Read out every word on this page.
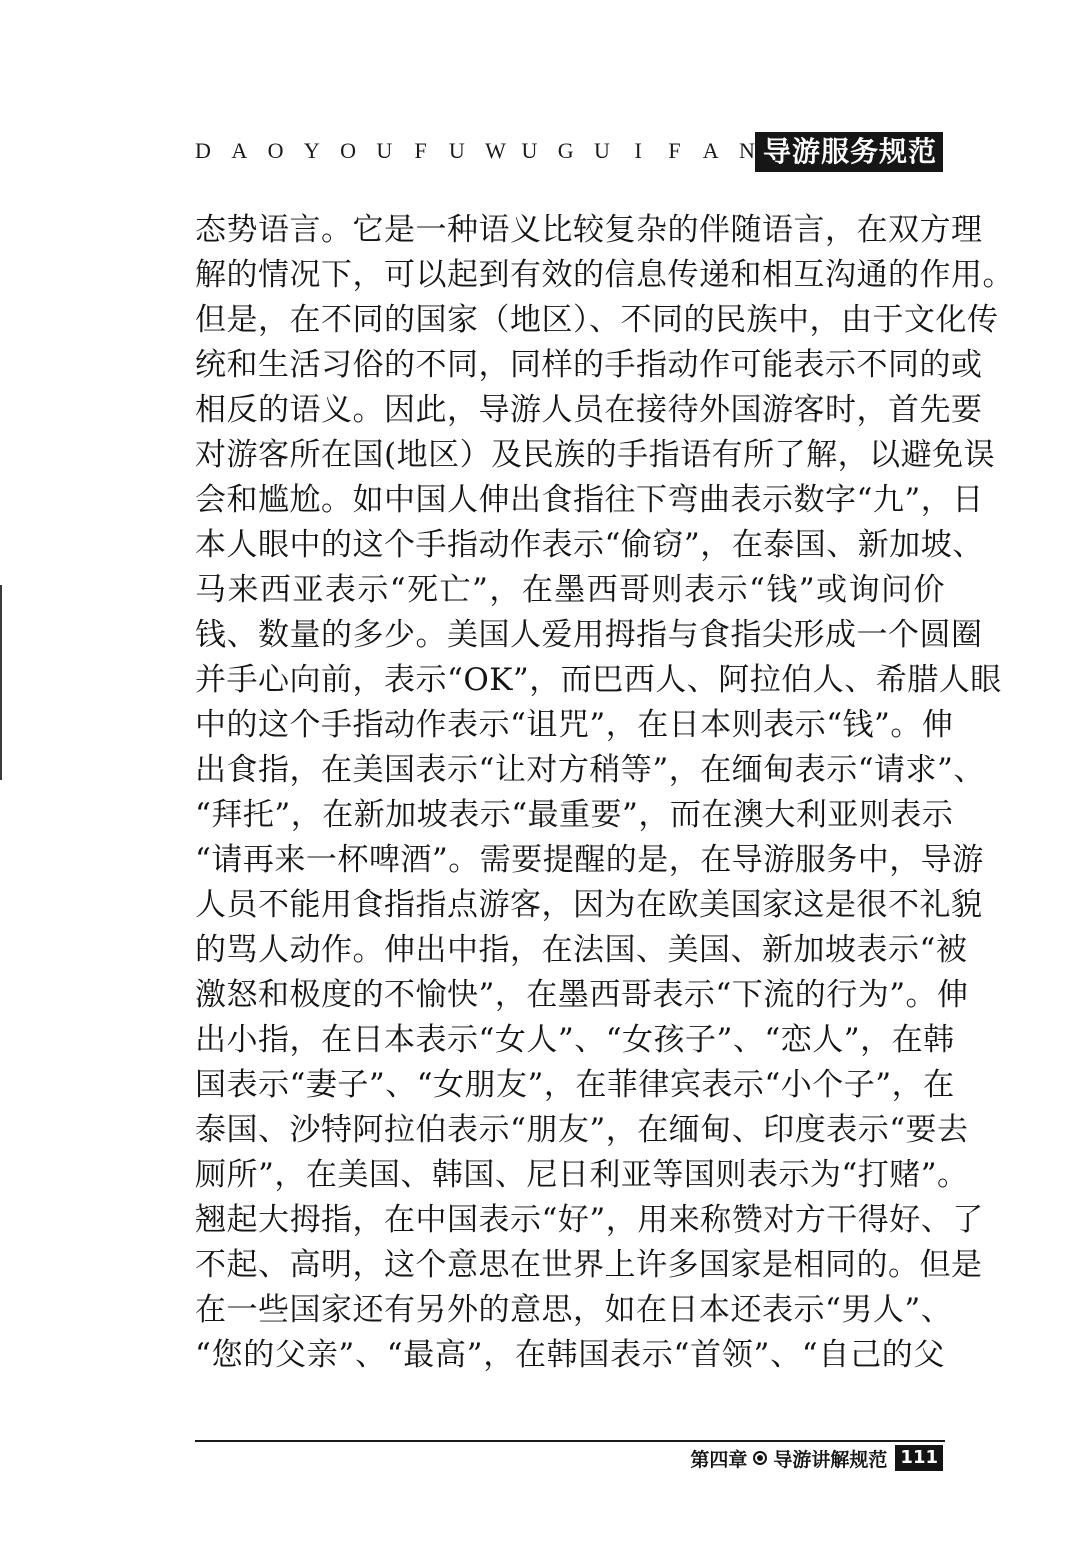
D A O Y O U F U W U G U I F A N 导游服务规范
态势语言。它是一种语义比较复杂的伴随语言，在双方理
解的情况下，可以起到有效的信息传递和相互沟通的作用。
但是，在不同的国家（地区）、不同的民族中，由于文化传
统和生活习俗的不同，同样的手指动作可能表示不同的或
相反的语义。因此，导游人员在接待外国游客时，首先要
对游客所在国(地区）及民族的手指语有所了解，以避免误
会和尴尬。如中国人伸出食指往下弯曲表示数字“九”，日
本人眼中的这个手指动作表示“偷窃”，在泰国、新加坡、
马来西亚表示“死亡”，在墨西哥则表示“钱”或询问价
钱、数量的多少。美国人爱用拇指与食指尖形成一个圆圈
并手心向前，表示“OK”，而巴西人、阿拉伯人、希腊人眼
中的这个手指动作表示“诅咒”，在日本则表示“钱”。伸
出食指，在美国表示“让对方稍等”，在缅甸表示“请求”、
“拜托”，在新加坡表示“最重要”，而在澳大利亚则表示
“请再来一杯啤酒”。需要提醒的是，在导游服务中，导游
人员不能用食指指点游客，因为在欧美国家这是很不礼貌
的骂人动作。伸出中指，在法国、美国、新加坡表示“被
激怒和极度的不愉快”，在墨西哥表示“下流的行为”。伸
出小指，在日本表示“女人”、“女孩子”、“恋人”，在韩
国表示“妻子”、“女朋友”，在菲律宾表示“小个子”，在
泰国、沙特阿拉伯表示“朋友”，在缅甸、印度表示“要去
厕所”，在美国、韩国、尼日利亚等国则表示为“打赌”。
翘起大拇指，在中国表示“好”，用来称赞对方干得好、了
不起、高明，这个意思在世界上许多国家是相同的。但是
在一些国家还有另外的意思，如在日本还表示“男人”、
“您的父亲”、“最高”，在韩国表示“首领”、“自己的父
第四章 导游讲解规范 111
